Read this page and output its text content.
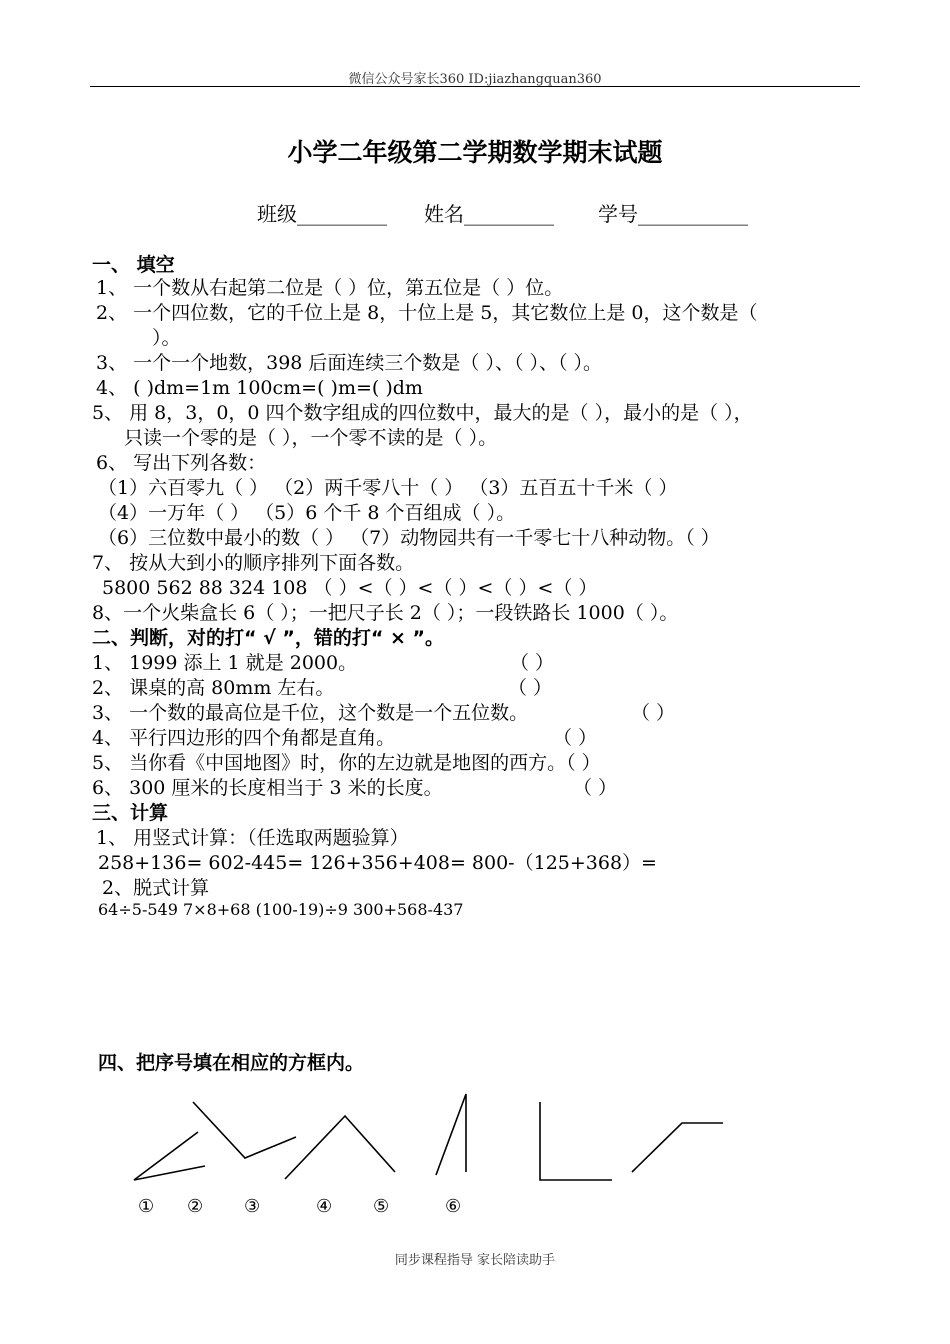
微信公众号家长360 ID:jiazhangquan360
小学二年级第二学期数学期末试题
班级_________ 姓名_________ 学号___________
一、 填空
1、 一个数从右起第二位是（ ）位，第五位是（ ）位。
2、 一个四位数，它的千位上是 8，十位上是 5，其它数位上是 0，这个数是（
）。
3、 一个一个地数，398 后面连续三个数是（ ）、（ ）、（ ）。
4、 ( )dm=1m 100cm=( )m=( )dm
5、 用 8，3，0，0 四个数字组成的四位数中，最大的是（ ），最小的是（ ），
只读一个零的是（ ），一个零不读的是（ ）。
6、 写出下列各数：
（1）六百零九（ ） （2）两千零八十（ ） （3）五百五十千米（ ）
（4）一万年（ ） （5）6 个千 8 个百组成（ ）。
（6）三位数中最小的数（ ） （7）动物园共有一千零七十八种动物。（ ）
7、 按从大到小的顺序排列下面各数。
5800 562 88 324 108 （ ）<（ ）<（ ）<（ ）<（ ）
8、一个火柴盒长 6（ ）；一把尺子长 2（ ）；一段铁路长 1000（ ）。
二、判断，对的打“ √ ”，错的打“ × ”。
1、 1999 添上 1 就是 2000。	（ ）
2、 课桌的高 80mm 左右。	（ ）
3、 一个数的最高位是千位，这个数是一个五位数。	（ ）
4、 平行四边形的四个角都是直角。	（ ）
5、 当你看《中国地图》时，你的左边就是地图的西方。（ ）
6、 300 厘米的长度相当于 3 米的长度。	（ ）
三、计算
1、 用竖式计算：（任选取两题验算）
258+136= 602-445= 126+356+408= 800-（125+368）=
2、脱式计算
64÷5-549 7×8+68 (100-19)÷9 300+568-437
四、把序号填在相应的方框内。
① ② ③	④ ⑤	⑥
同步课程指导 家长陪读助手
